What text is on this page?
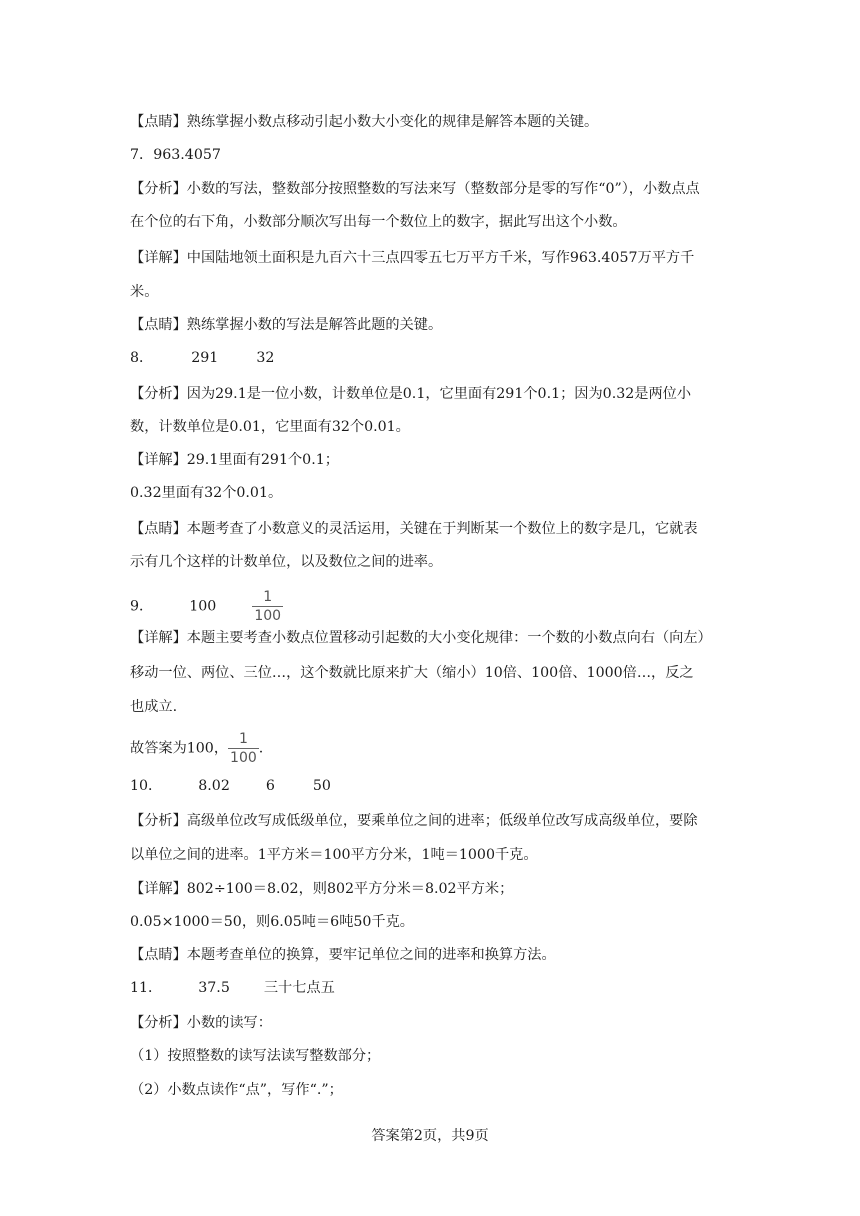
【点睛】熟练掌握小数点移动引起小数大小变化的规律是解答本题的关键。
7．963.4057
【分析】小数的写法，整数部分按照整数的写法来写（整数部分是零的写作“0”），小数点点
在个位的右下角，小数部分顺次写出每一个数位上的数字，据此写出这个小数。
【详解】中国陆地领土面积是九百六十三点四零五七万平方千米，写作963.4057万平方千
米。
【点睛】熟练掌握小数的写法是解答此题的关键。
8．	291	32
【分析】因为29.1是一位小数，计数单位是0.1，它里面有291个0.1；因为0.32是两位小
数，计数单位是0.01，它里面有32个0.01。
【详解】29.1里面有291个0.1；
0.32里面有32个0.01。
【点睛】本题考查了小数意义的灵活运用，关键在于判断某一个数位上的数字是几，它就表
示有几个这样的计数单位，以及数位之间的进率。
9．	100	$\frac{1}{100}$
【详解】本题主要考查小数点位置移动引起数的大小变化规律：一个数的小数点向右（向左）
移动一位、两位、三位…，这个数就比原来扩大（缩小）10倍、100倍、1000倍…，反之
也成立.
故答案为100， $\frac{1}{100}$ .
10．	8.02	6	50
【分析】高级单位改写成低级单位，要乘单位之间的进率；低级单位改写成高级单位，要除
以单位之间的进率。1平方米＝100平方分米，1吨＝1000千克。
【详解】802÷100＝8.02，则802平方分米＝8.02平方米；
0.05×1000＝50，则6.05吨＝6吨50千克。
【点睛】本题考查单位的换算，要牢记单位之间的进率和换算方法。
11．	37.5 三十七点五
【分析】小数的读写：
（1）按照整数的读写法读写整数部分；
（2）小数点读作“点”，写作“.”；
答案第2页，共9页
